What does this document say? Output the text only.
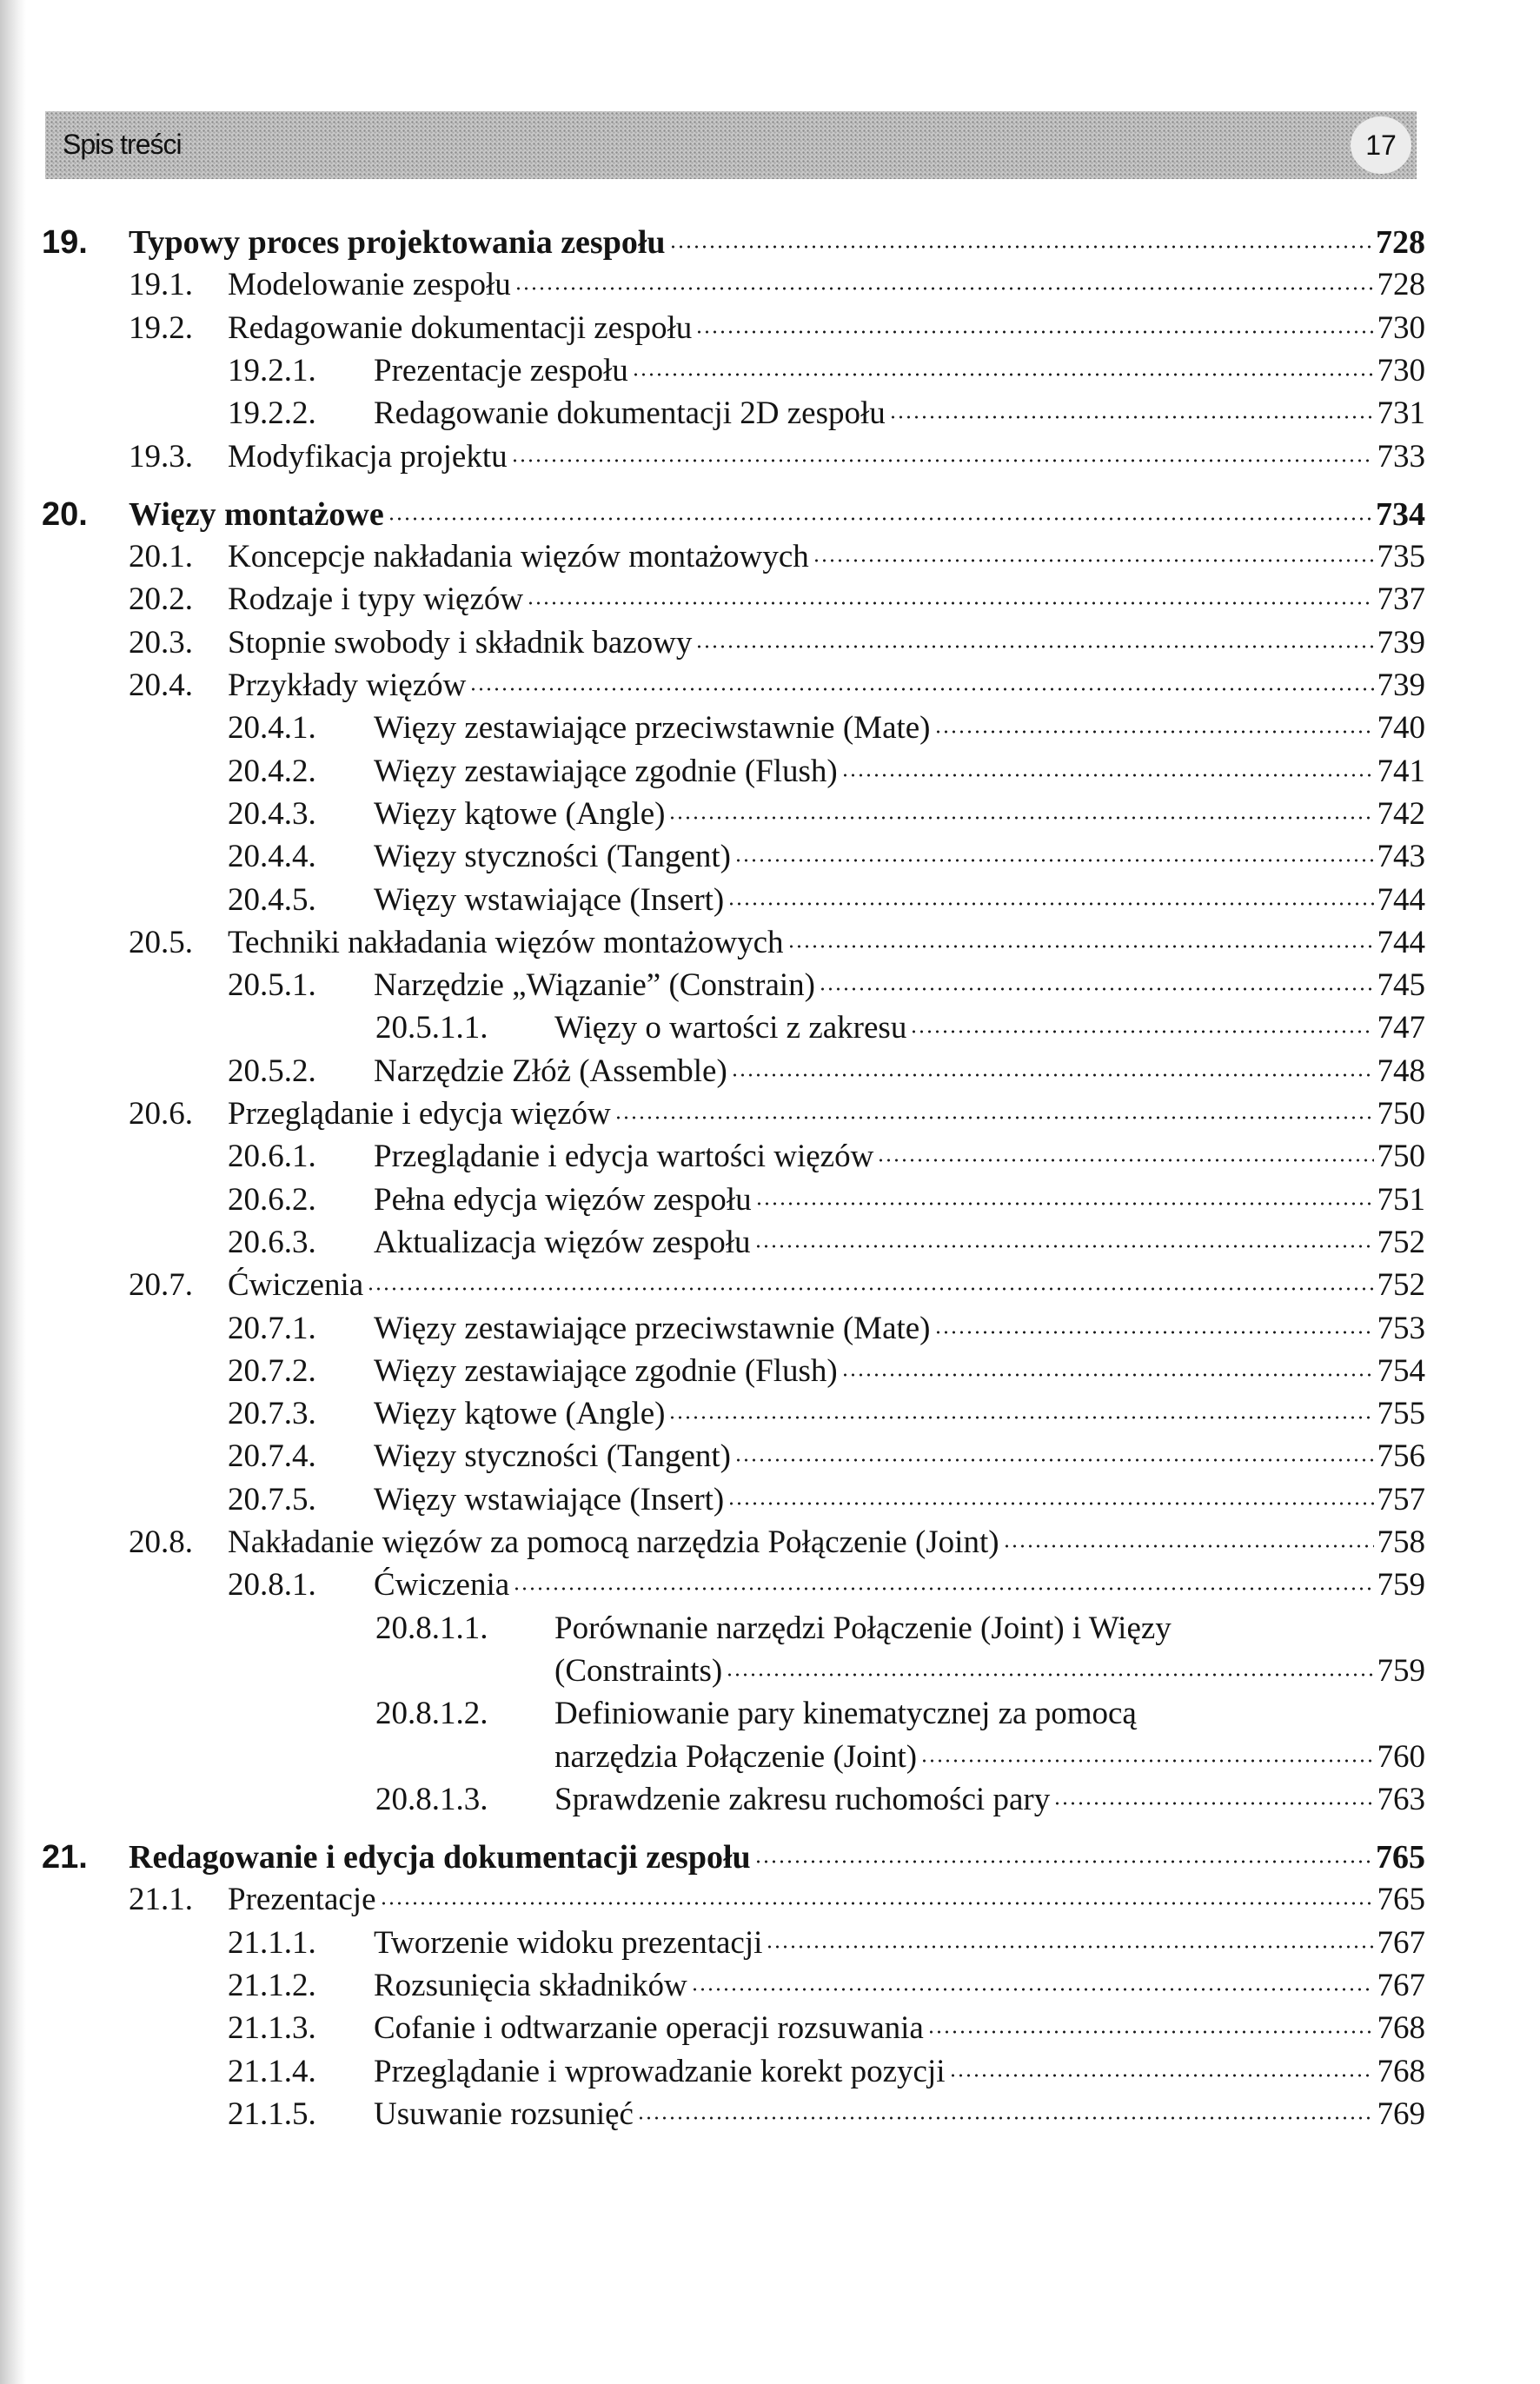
Spis treści	17
19. Typowy proces projektowania zespołu	728
19.1. Modelowanie zespołu	728
19.2. Redagowanie dokumentacji zespołu	730
19.2.1. Prezentacje zespołu	730
19.2.2. Redagowanie dokumentacji 2D zespołu	731
19.3. Modyfikacja projektu	733
20. Więzy montażowe	734
20.1. Koncepcje nakładania więzów montażowych	735
20.2. Rodzaje i typy więzów	737
20.3. Stopnie swobody i składnik bazowy	739
20.4. Przykłady więzów	739
20.4.1. Więzy zestawiające przeciwstawnie (Mate)	740
20.4.2. Więzy zestawiające zgodnie (Flush)	741
20.4.3. Więzy kątowe (Angle)	742
20.4.4. Więzy styczności (Tangent)	743
20.4.5. Więzy wstawiające (Insert)	744
20.5. Techniki nakładania więzów montażowych	744
20.5.1. Narzędzie „Wiązanie” (Constrain)	745
20.5.1.1. Więzy o wartości z zakresu	747
20.5.2. Narzędzie Złóż (Assemble)	748
20.6. Przeglądanie i edycja więzów	750
20.6.1. Przeglądanie i edycja wartości więzów	750
20.6.2. Pełna edycja więzów zespołu	751
20.6.3. Aktualizacja więzów zespołu	752
20.7. Ćwiczenia	752
20.7.1. Więzy zestawiające przeciwstawnie (Mate)	753
20.7.2. Więzy zestawiające zgodnie (Flush)	754
20.7.3. Więzy kątowe (Angle)	755
20.7.4. Więzy styczności (Tangent)	756
20.7.5. Więzy wstawiające (Insert)	757
20.8. Nakładanie więzów za pomocą narzędzia Połączenie (Joint)	758
20.8.1. Ćwiczenia	759
20.8.1.1. Porównanie narzędzi Połączenie (Joint) i Więzy
(Constraints)	759
20.8.1.2. Definiowanie pary kinematycznej za pomocą
narzędzia Połączenie (Joint)	760
20.8.1.3. Sprawdzenie zakresu ruchomości pary	763
21. Redagowanie i edycja dokumentacji zespołu	765
21.1. Prezentacje	765
21.1.1. Tworzenie widoku prezentacji	767
21.1.2. Rozsunięcia składników	767
21.1.3. Cofanie i odtwarzanie operacji rozsuwania	768
21.1.4. Przeglądanie i wprowadzanie korekt pozycji	768
21.1.5. Usuwanie rozsunięć	769
